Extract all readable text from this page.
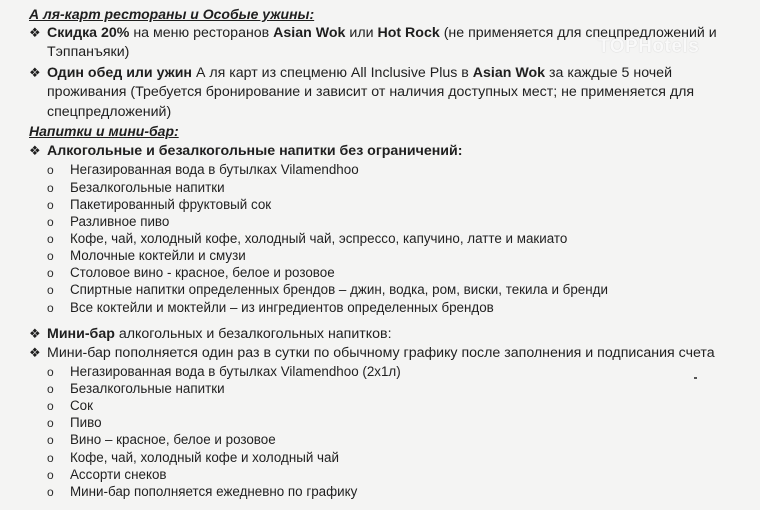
А ля-карт рестораны и Особые ужины:
❖ Скидка 20% на меню ресторанов Asian Wok или Hot Rock (не применяется для спецпредложений и
Тэппанъяки)
❖ Один обед или ужин А ля карт из спецменю All Inclusive Plus в Asian Wok за каждые 5 ночей
проживания (Требуется бронирование и зависит от наличия доступных мест; не применяется для
спецпредложений)
Напитки и мини-бар:
❖ Алкогольные и безалкогольные напитки без ограничений:
o Негазированная вода в бутылках Vilamendhoo
o Безалкогольные напитки
o Пакетированный фруктовый сок
o Разливное пиво
o Кофе, чай, холодный кофе, холодный чай, эспрессо, капучино, латте и макиато
o Молочные коктейли и смузи
o Столовое вино - красное, белое и розовое
o Спиртные напитки определенных брендов – джин, водка, ром, виски, текила и бренди
o Все коктейли и моктейли – из ингредиентов определенных брендов
❖ Мини-бар алкогольных и безалкогольных напитков:
❖ Мини-бар пополняется один раз в сутки по обычному графику после заполнения и подписания счета
o Негазированная вода в бутылках Vilamendhoo (2х1л)
o Безалкогольные напитки
o Сок
o Пиво
o Вино – красное, белое и розовое
o Кофе, чай, холодный кофе и холодный чай
o Ассорти снеков
o Мини-бар пополняется ежедневно по графику
TOPHotels
